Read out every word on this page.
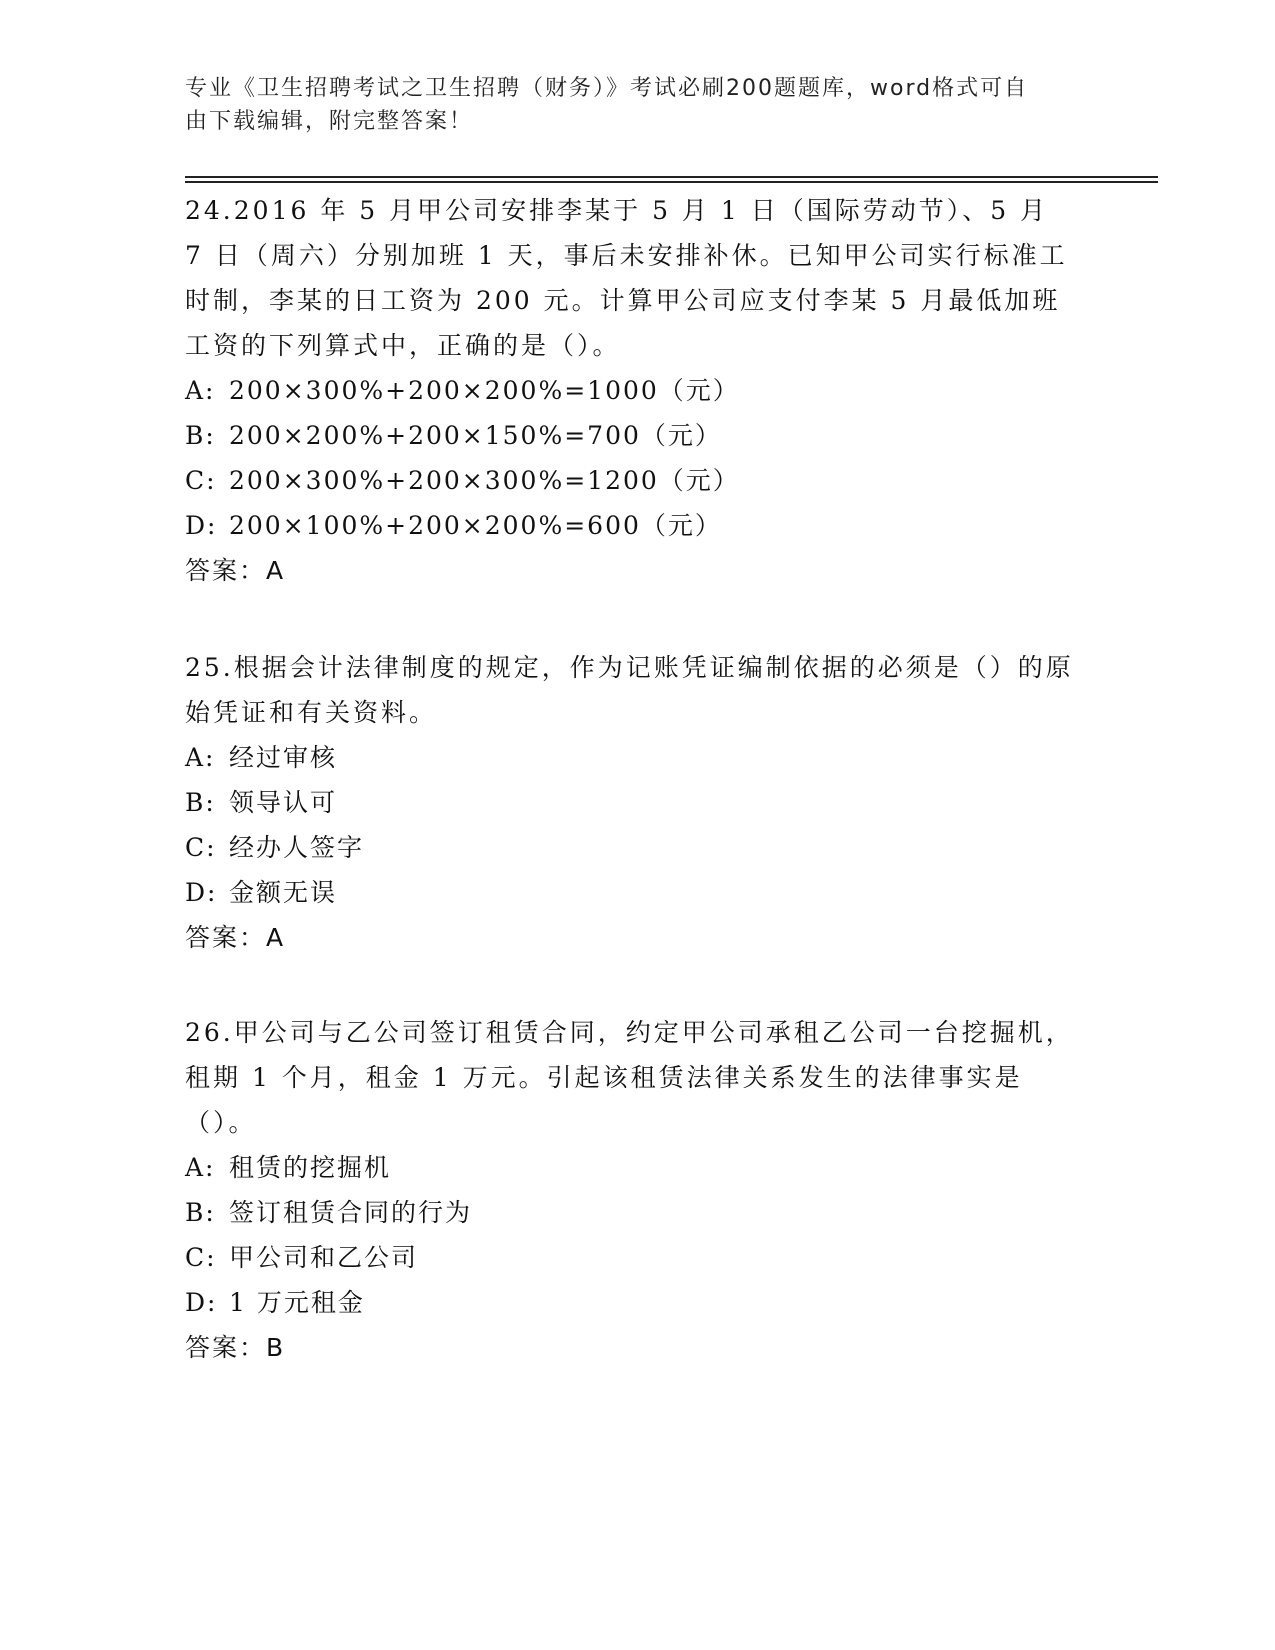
专业《卫生招聘考试之卫生招聘（财务）》考试必刷200题题库，word格式可自
由下载编辑，附完整答案！

24.2016 年 5 月甲公司安排李某于 5 月 1 日（国际劳动节）、5 月 7 日（周六）分别加班 1 天，事后未安排补休。已知甲公司实行标准工时制，李某的日工资为 200 元。计算甲公司应支付李某 5 月最低加班工资的下列算式中，正确的是（）。

A: 200×300%+200×200%=1000（元）
B: 200×200%+200×150%=700（元）
C: 200×300%+200×300%=1200（元）
D: 200×100%+200×200%=600（元）
答案：A

25.根据会计法律制度的规定，作为记账凭证编制依据的必须是（）的原始凭证和有关资料。

A: 经过审核
B: 领导认可
C: 经办人签字
D: 金额无误
答案：A

26.甲公司与乙公司签订租赁合同，约定甲公司承租乙公司一台挖掘机，租期 1 个月，租金 1 万元。引起该租赁法律关系发生的法律事实是（）。

A: 租赁的挖掘机
B: 签订租赁合同的行为
C: 甲公司和乙公司
D: 1 万元租金
答案：B
